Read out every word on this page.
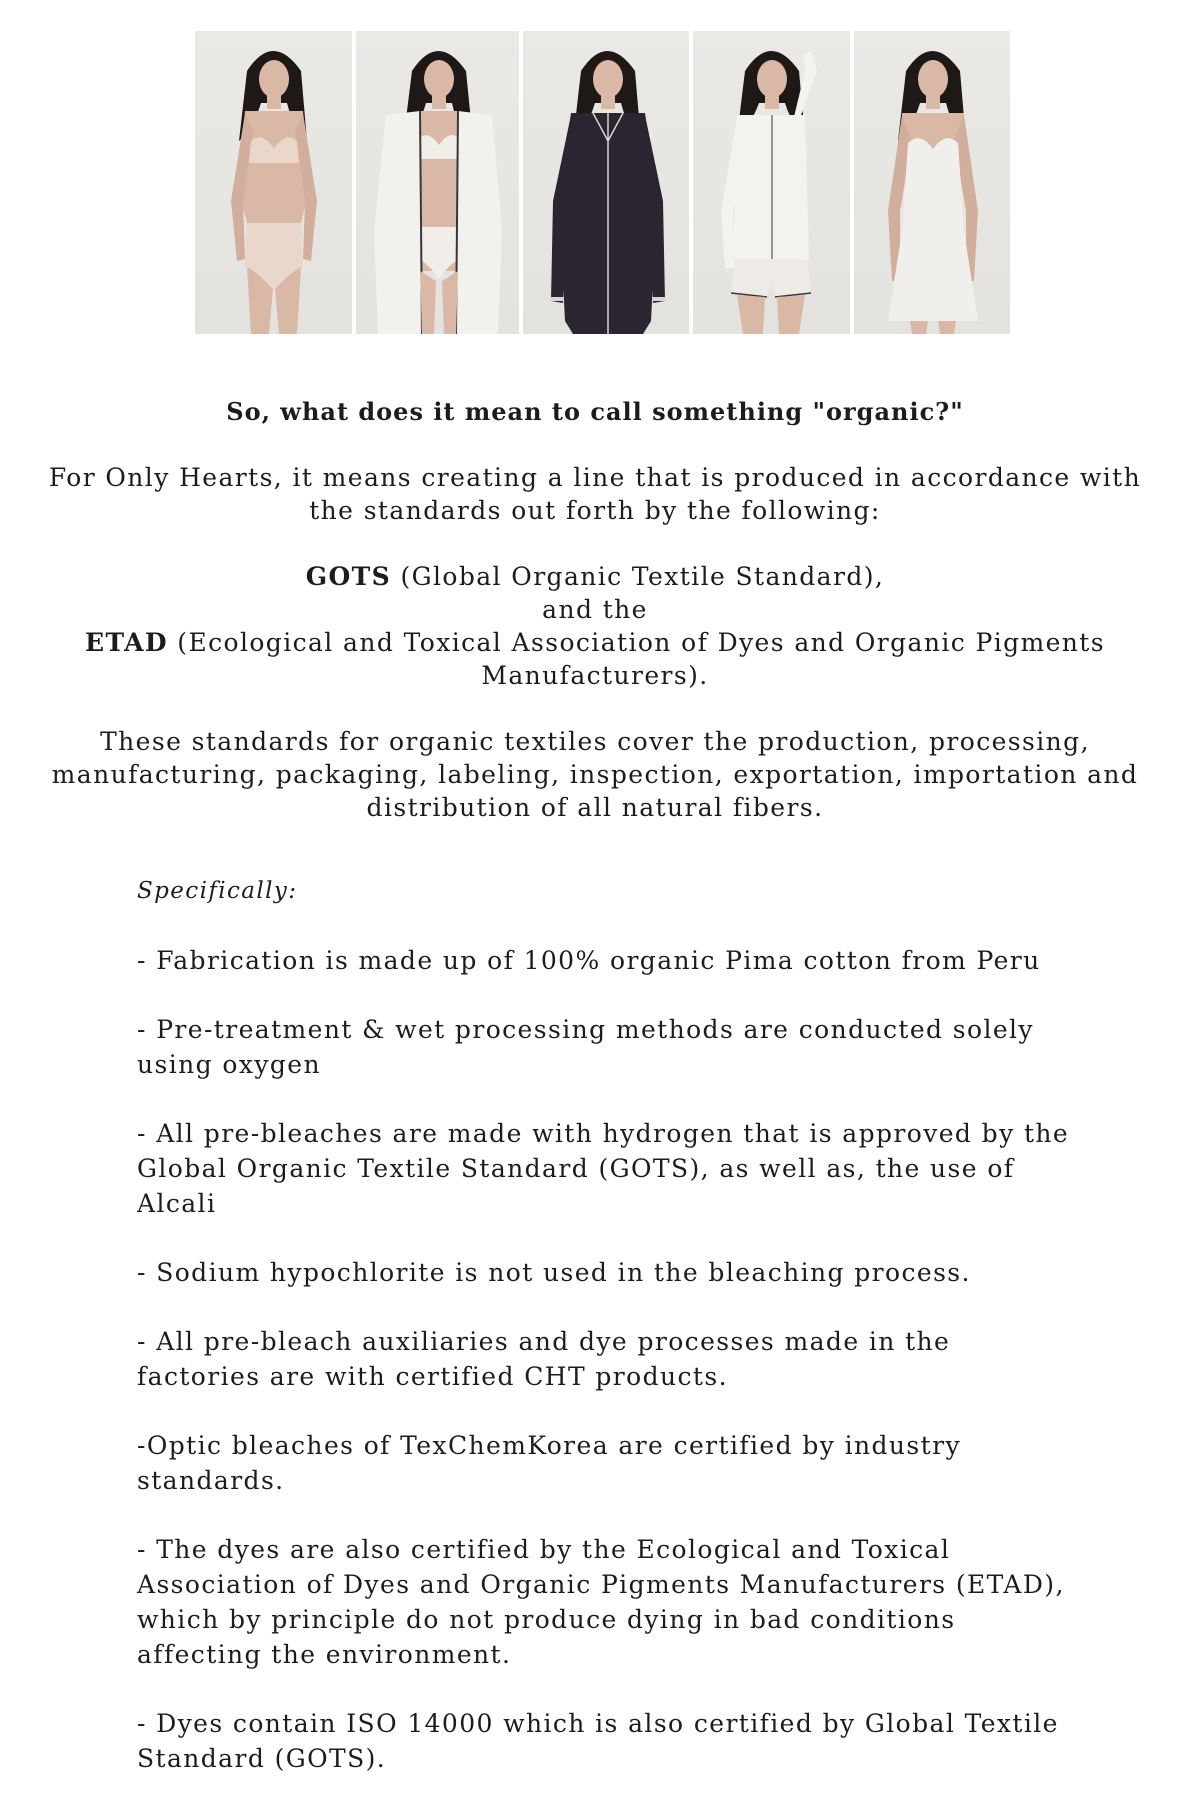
So, what does it mean to call something "organic?"

For Only Hearts, it means creating a line that is produced in accordance with the standards out forth by the following:

GOTS (Global Organic Textile Standard),

and the

ETAD (Ecological and Toxical Association of Dyes and Organic Pigments Manufacturers).

These standards for organic textiles cover the production, processing, manufacturing, packaging, labeling, inspection, exportation, importation and distribution of all natural fibers.

Specifically:
- Fabrication is made up of 100% organic Pima cotton from Peru
- Pre-treatment & wet processing methods are conducted solely using oxygen
- All pre-bleaches are made with hydrogen that is approved by the Global Organic Textile Standard (GOTS), as well as, the use of Alcali
- Sodium hypochlorite is not used in the bleaching process.
- All pre-bleach auxiliaries and dye processes made in the factories are with certified CHT products.
-Optic bleaches of TexChemKorea are certified by industry standards.
- The dyes are also certified by the Ecological and Toxical Association of Dyes and Organic Pigments Manufacturers (ETAD), which by principle do not produce dying in bad conditions affecting the environment.
- Dyes contain ISO 14000 which is also certified by Global Textile Standard (GOTS).
